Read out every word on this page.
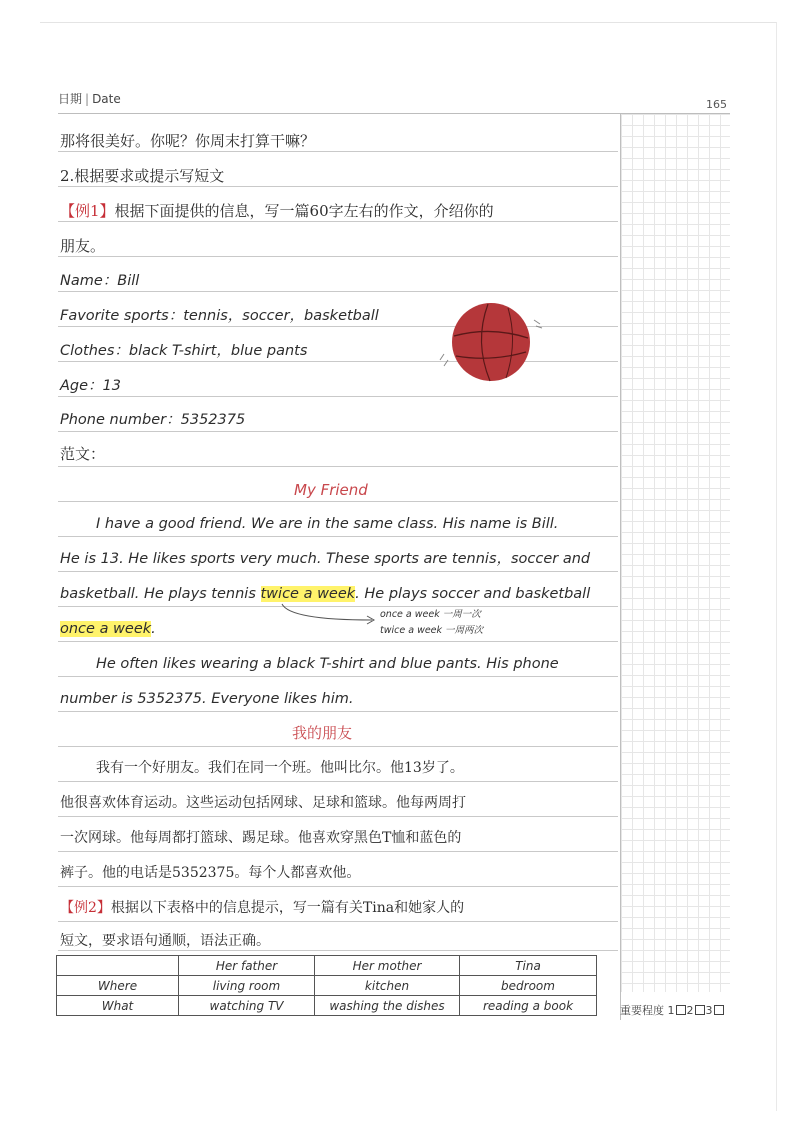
日期 | Date	165
那将很美好。你呢？你周末打算干嘛？
2.根据要求或提示写短文
【例1】根据下面提供的信息，写一篇60字左右的作文，介绍你的
朋友。
Name：Bill
Favorite sports：tennis，soccer，basketball
Clothes：black T-shirt，blue pants
Age：13
Phone number：5352375
范文：
My Friend
I have a good friend. We are in the same class. His name is Bill.
He is 13. He likes sports very much. These sports are tennis，soccer and
basketball. He plays tennis twice a week. He plays soccer and basketball
once a week.
once a week 一周一次
twice a week 一周两次
He often likes wearing a black T-shirt and blue pants. His phone
number is 5352375. Everyone likes him.
我的朋友
我有一个好朋友。我们在同一个班。他叫比尔。他13岁了。
他很喜欢体育运动。这些运动包括网球、足球和篮球。他每两周打
一次网球。他每周都打篮球、踢足球。他喜欢穿黑色T恤和蓝色的
裤子。他的电话是5352375。每个人都喜欢他。
【例2】根据以下表格中的信息提示，写一篇有关Tina和她家人的
短文，要求语句通顺，语法正确。
	Her father	Her mother	Tina
Where	living room	kitchen	bedroom
What	watching TV	washing the dishes	reading a book	重要程度 1 2 3
